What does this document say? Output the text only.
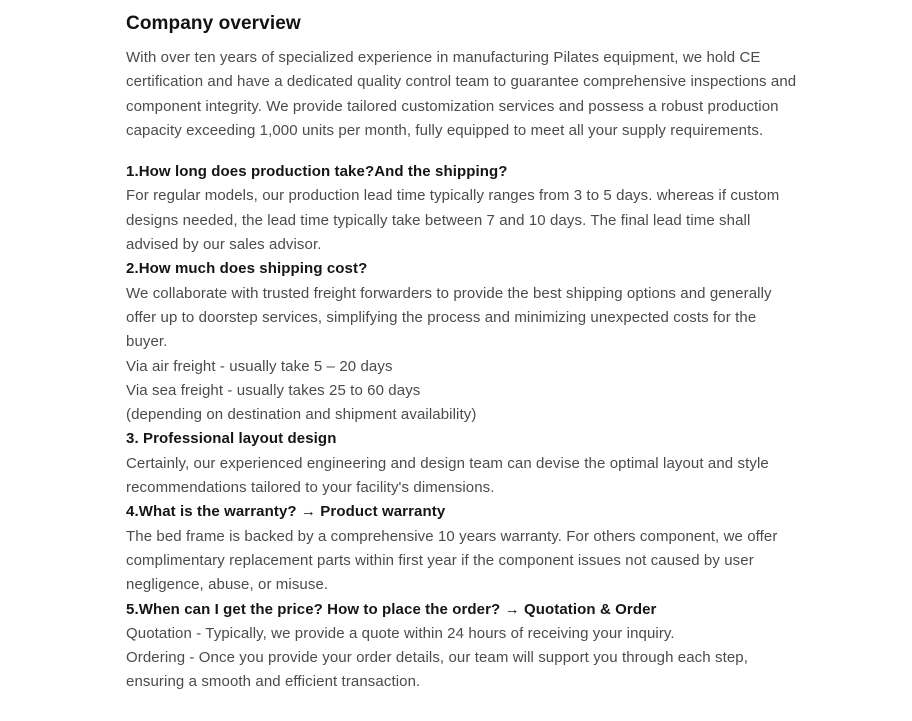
Company overview

With over ten years of specialized experience in manufacturing Pilates equipment, we hold CE certification and have a dedicated quality control team to guarantee comprehensive inspections and component integrity. We provide tailored customization services and possess a robust production capacity exceeding 1,000 units per month, fully equipped to meet all your supply requirements.

1.How long does production take?And the shipping?

For regular models, our production lead time typically ranges from 3 to 5 days. whereas if custom designs needed, the lead time typically take between 7 and 10 days. The final lead time shall advised by our sales advisor.

2.How much does shipping cost?

We collaborate with trusted freight forwarders to provide the best shipping options and generally offer up to doorstep services, simplifying the process and minimizing unexpected costs for the buyer.

Via air freight - usually take 5 – 20 days

Via sea freight - usually takes 25 to 60 days

(depending on destination and shipment availability)

3. Professional layout design

Certainly, our experienced engineering and design team can devise the optimal layout and style recommendations tailored to your facility's dimensions.

4.What is the warranty? → Product warranty

The bed frame is backed by a comprehensive 10 years warranty. For others component, we offer complimentary replacement parts within first year if the component issues not caused by user negligence, abuse, or misuse.

5.When can I get the price? How to place the order? → Quotation & Order

Quotation - Typically, we provide a quote within 24 hours of receiving your inquiry.

Ordering - Once you provide your order details, our team will support you through each step, ensuring a smooth and efficient transaction.
